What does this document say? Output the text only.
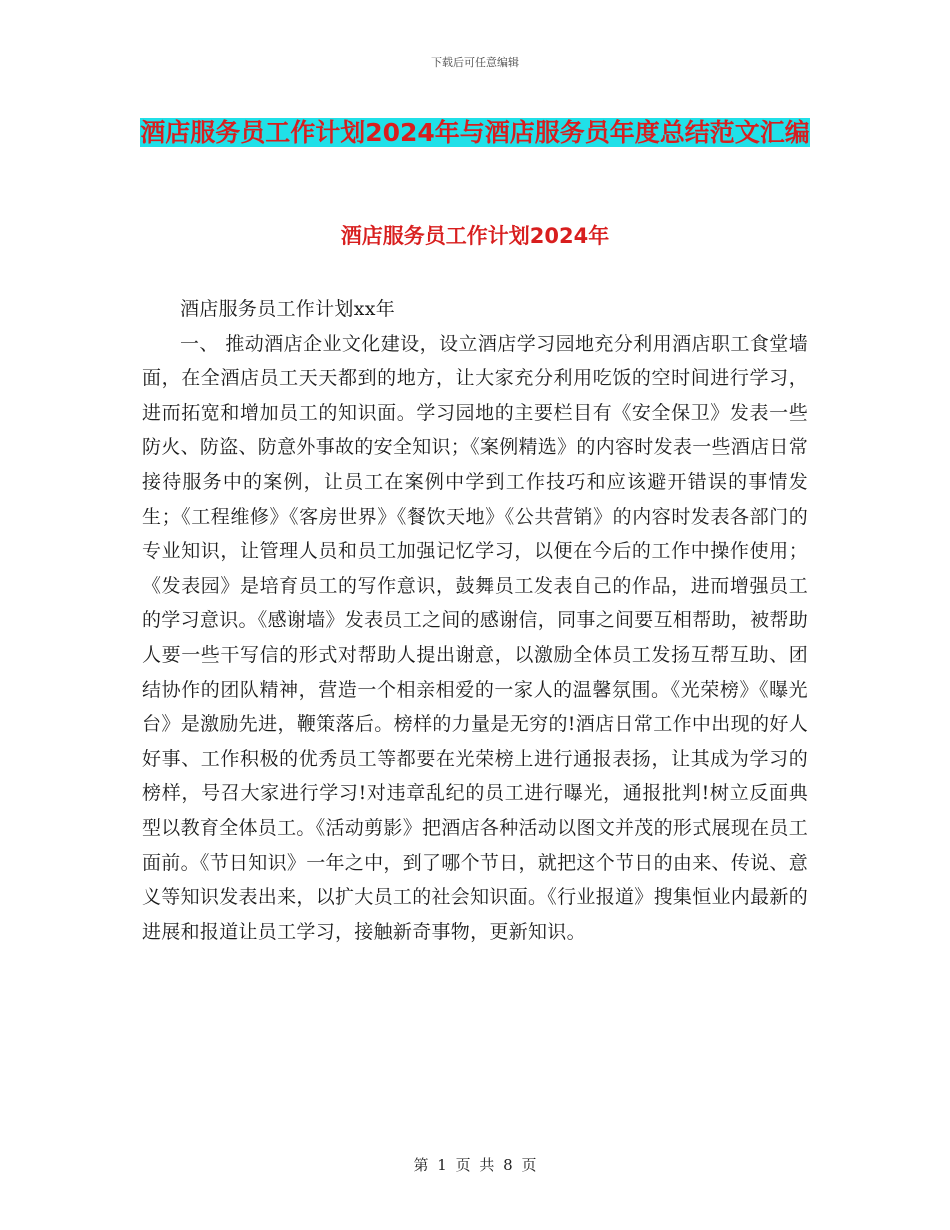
下载后可任意编辑
酒店服务员工作计划2024年与酒店服务员年度总结范文汇编
酒店服务员工作计划2024年

酒店服务员工作计划xx年

一、 推动酒店企业文化建设，设立酒店学习园地充分利用酒店职工食堂墙面，在全酒店员工天天都到的地方，让大家充分利用吃饭的空时间进行学习，进而拓宽和增加员工的知识面。学习园地的主要栏目有《安全保卫》发表一些防火、防盗、防意外事故的安全知识；《案例精选》的内容时发表一些酒店日常接待服务中的案例，让员工在案例中学到工作技巧和应该避开错误的事情发生；《工程维修》《客房世界》《餐饮天地》《公共营销》的内容时发表各部门的专业知识，让管理人员和员工加强记忆学习，以便在今后的工作中操作使用；《发表园》是培育员工的写作意识，鼓舞员工发表自己的作品，进而增强员工的学习意识。《感谢墙》发表员工之间的感谢信，同事之间要互相帮助，被帮助人要一些干写信的形式对帮助人提出谢意，以激励全体员工发扬互帮互助、团结协作的团队精神，营造一个相亲相爱的一家人的温馨氛围。《光荣榜》《曝光台》是激励先进，鞭策落后。榜样的力量是无穷的!酒店日常工作中出现的好人好事、工作积极的优秀员工等都要在光荣榜上进行通报表扬，让其成为学习的榜样，号召大家进行学习!对违章乱纪的员工进行曝光，通报批判!树立反面典型以教育全体员工。《活动剪影》把酒店各种活动以图文并茂的形式展现在员工面前。《节日知识》一年之中，到了哪个节日，就把这个节日的由来、传说、意义等知识发表出来，以扩大员工的社会知识面。《行业报道》搜集恒业内最新的进展和报道让员工学习，接触新奇事物，更新知识。

第 1 页 共 8 页
